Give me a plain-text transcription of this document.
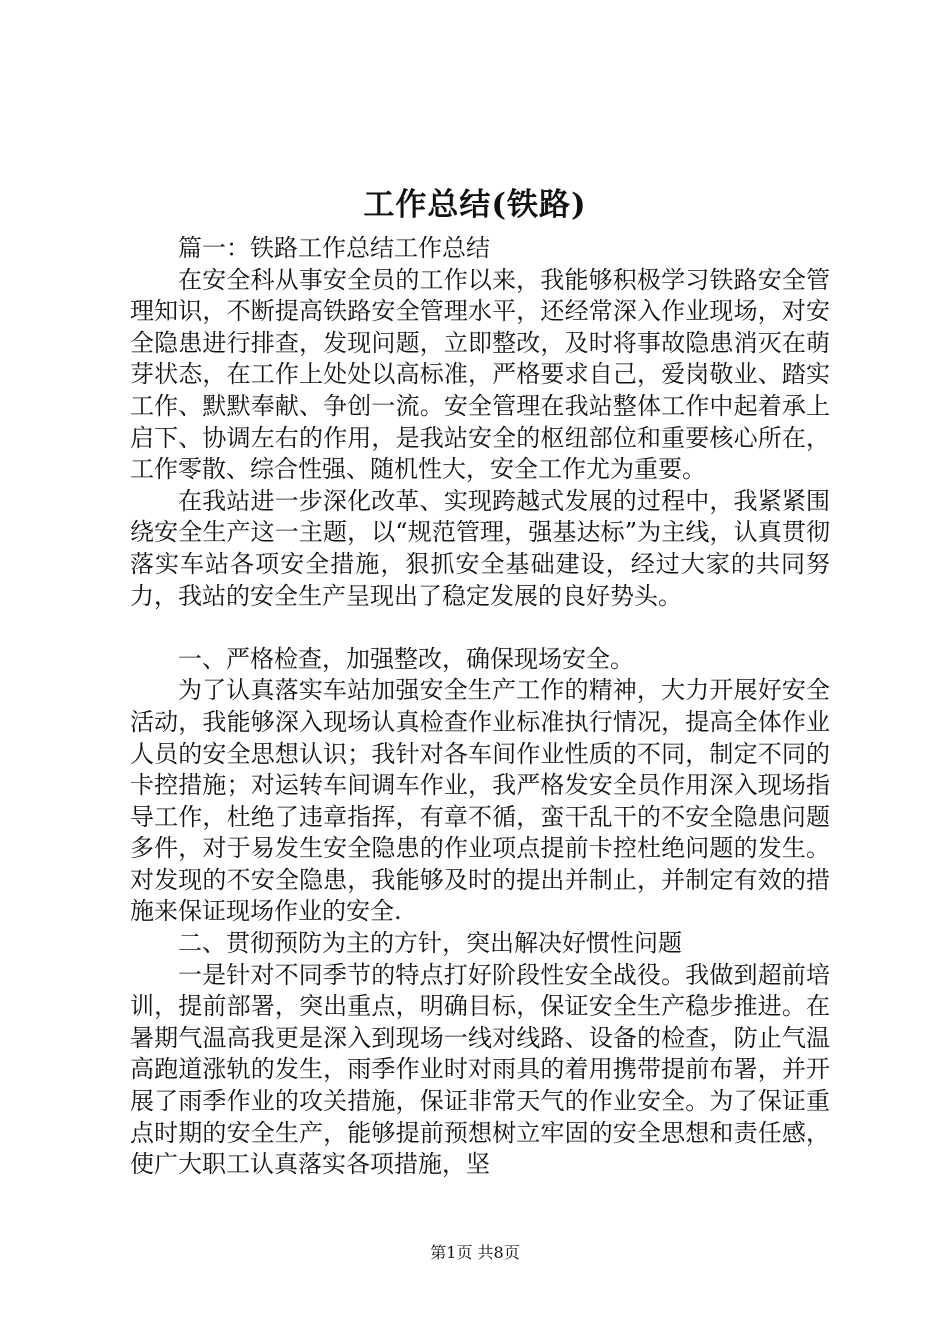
工作总结(铁路)

篇一：铁路工作总结工作总结

在安全科从事安全员的工作以来，我能够积极学习铁路安全管理知识，不断提高铁路安全管理水平，还经常深入作业现场，对安全隐患进行排查，发现问题，立即整改，及时将事故隐患消灭在萌芽状态，在工作上处处以高标准，严格要求自己，爱岗敬业、踏实工作、默默奉献、争创一流。安全管理在我站整体工作中起着承上启下、协调左右的作用，是我站安全的枢纽部位和重要核心所在，工作零散、综合性强、随机性大，安全工作尤为重要。

在我站进一步深化改革、实现跨越式发展的过程中，我紧紧围绕安全生产这一主题，以“规范管理，强基达标”为主线，认真贯彻落实车站各项安全措施，狠抓安全基础建设，经过大家的共同努力，我站的安全生产呈现出了稳定发展的良好势头。

一、严格检查，加强整改，确保现场安全。

为了认真落实车站加强安全生产工作的精神，大力开展好安全活动，我能够深入现场认真检查作业标准执行情况，提高全体作业人员的安全思想认识；我针对各车间作业性质的不同，制定不同的卡控措施；对运转车间调车作业，我严格发安全员作用深入现场指导工作，杜绝了违章指挥，有章不循，蛮干乱干的不安全隐患问题多件，对于易发生安全隐患的作业项点提前卡控杜绝问题的发生。对发现的不安全隐患，我能够及时的提出并制止，并制定有效的措施来保证现场作业的安全.

二、贯彻预防为主的方针，突出解决好惯性问题

一是针对不同季节的特点打好阶段性安全战役。我做到超前培训，提前部署，突出重点，明确目标，保证安全生产稳步推进。在暑期气温高我更是深入到现场一线对线路、设备的检查，防止气温高跑道涨轨的发生，雨季作业时对雨具的着用携带提前布署，并开展了雨季作业的攻关措施，保证非常天气的作业安全。为了保证重点时期的安全生产，能够提前预想树立牢固的安全思想和责任感，使广大职工认真落实各项措施，坚

第1页 共8页
